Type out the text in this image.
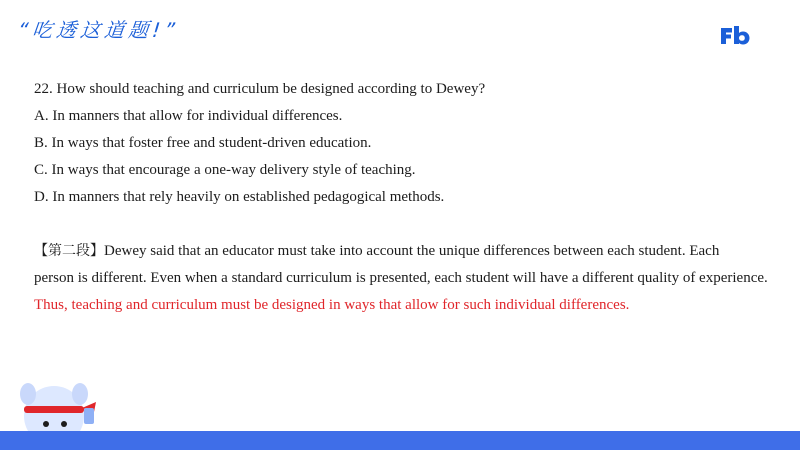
“吃透这道题!”
22. How should teaching and curriculum be designed according to Dewey?
A. In manners that allow for individual differences.
B. In ways that foster free and student-driven education.
C. In ways that encourage a one-way delivery style of teaching.
D. In manners that rely heavily on established pedagogical methods.
【第二段】Dewey said that an educator must take into account the unique differences between each student. Each
person is different. Even when a standard curriculum is presented, each student will have a different quality of experience.
Thus, teaching and curriculum must be designed in ways that allow for such individual differences.
